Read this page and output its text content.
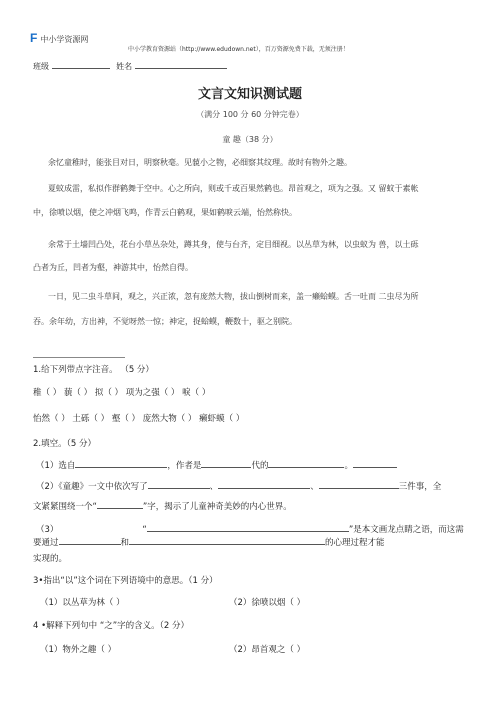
F中小学资源网
中小学教育资源站（http://www.edudown.net），百万资源免费下载，无须注册！
班级	姓名
文言文知识测试题
（满分 100 分 60 分钟完卷）
童 趣（38 分）
余忆童稚时，能张目对日，明察秋毫。见藐小之物，必细察其纹理。故时有物外之趣。
夏蚊成雷，私拟作群鹤舞于空中。心之所向，则或千或百果然鹤也。昂首观之，项为之强。又 留蚊于素帐
中，徐喷以烟，使之冲烟飞鸣，作青云白鹤观，果如鹤唳云端，怡然称快。
余常于土墙凹凸处，花台小草丛杂处，蹲其身，使与台齐，定目细视。以丛草为林，以虫蚁为 兽，以土砾
凸者为丘，凹者为壑，神游其中，怡然自得。
一日，见二虫斗草间，观之，兴正浓，忽有庞然大物，拔山倒树而来，盖一癞蛤蟆。舌一吐而 二虫尽为所
吞。余年幼，方出神，不觉呀然一惊；神定，捉蛤蟆，鞭数十，驱之别院。
1.给下列带点字注音。 （5 分）
稚（ ） 藐（ ） 拟（ ） 项为之强（ ） 唳（ ）
怡然（ ） 土砾（ ） 壑（ ） 庞然大物（ ） 癞虾蟆（ ）
2.填空。（5 分）
（1）选自	，作者是	代的	。
（2）《童趣》一文中依次写了	、	、	三件事，全
文紧紧围绕一个“	”字，揭示了儿童神奇美妙的内心世界。
（3）	“	”是本文画龙点睛之语，而这需
要通过	和	的心理过程才能
实现的。
3•指出“以”这个词在下列语境中的意思。（1 分）
（1）以丛草为林（ ）	（2）徐喷以烟（ ）
4 •解释下列句中 “之”字的含义。（2 分）
（1）物外之趣（ ）	（2）昂首观之（ ）
